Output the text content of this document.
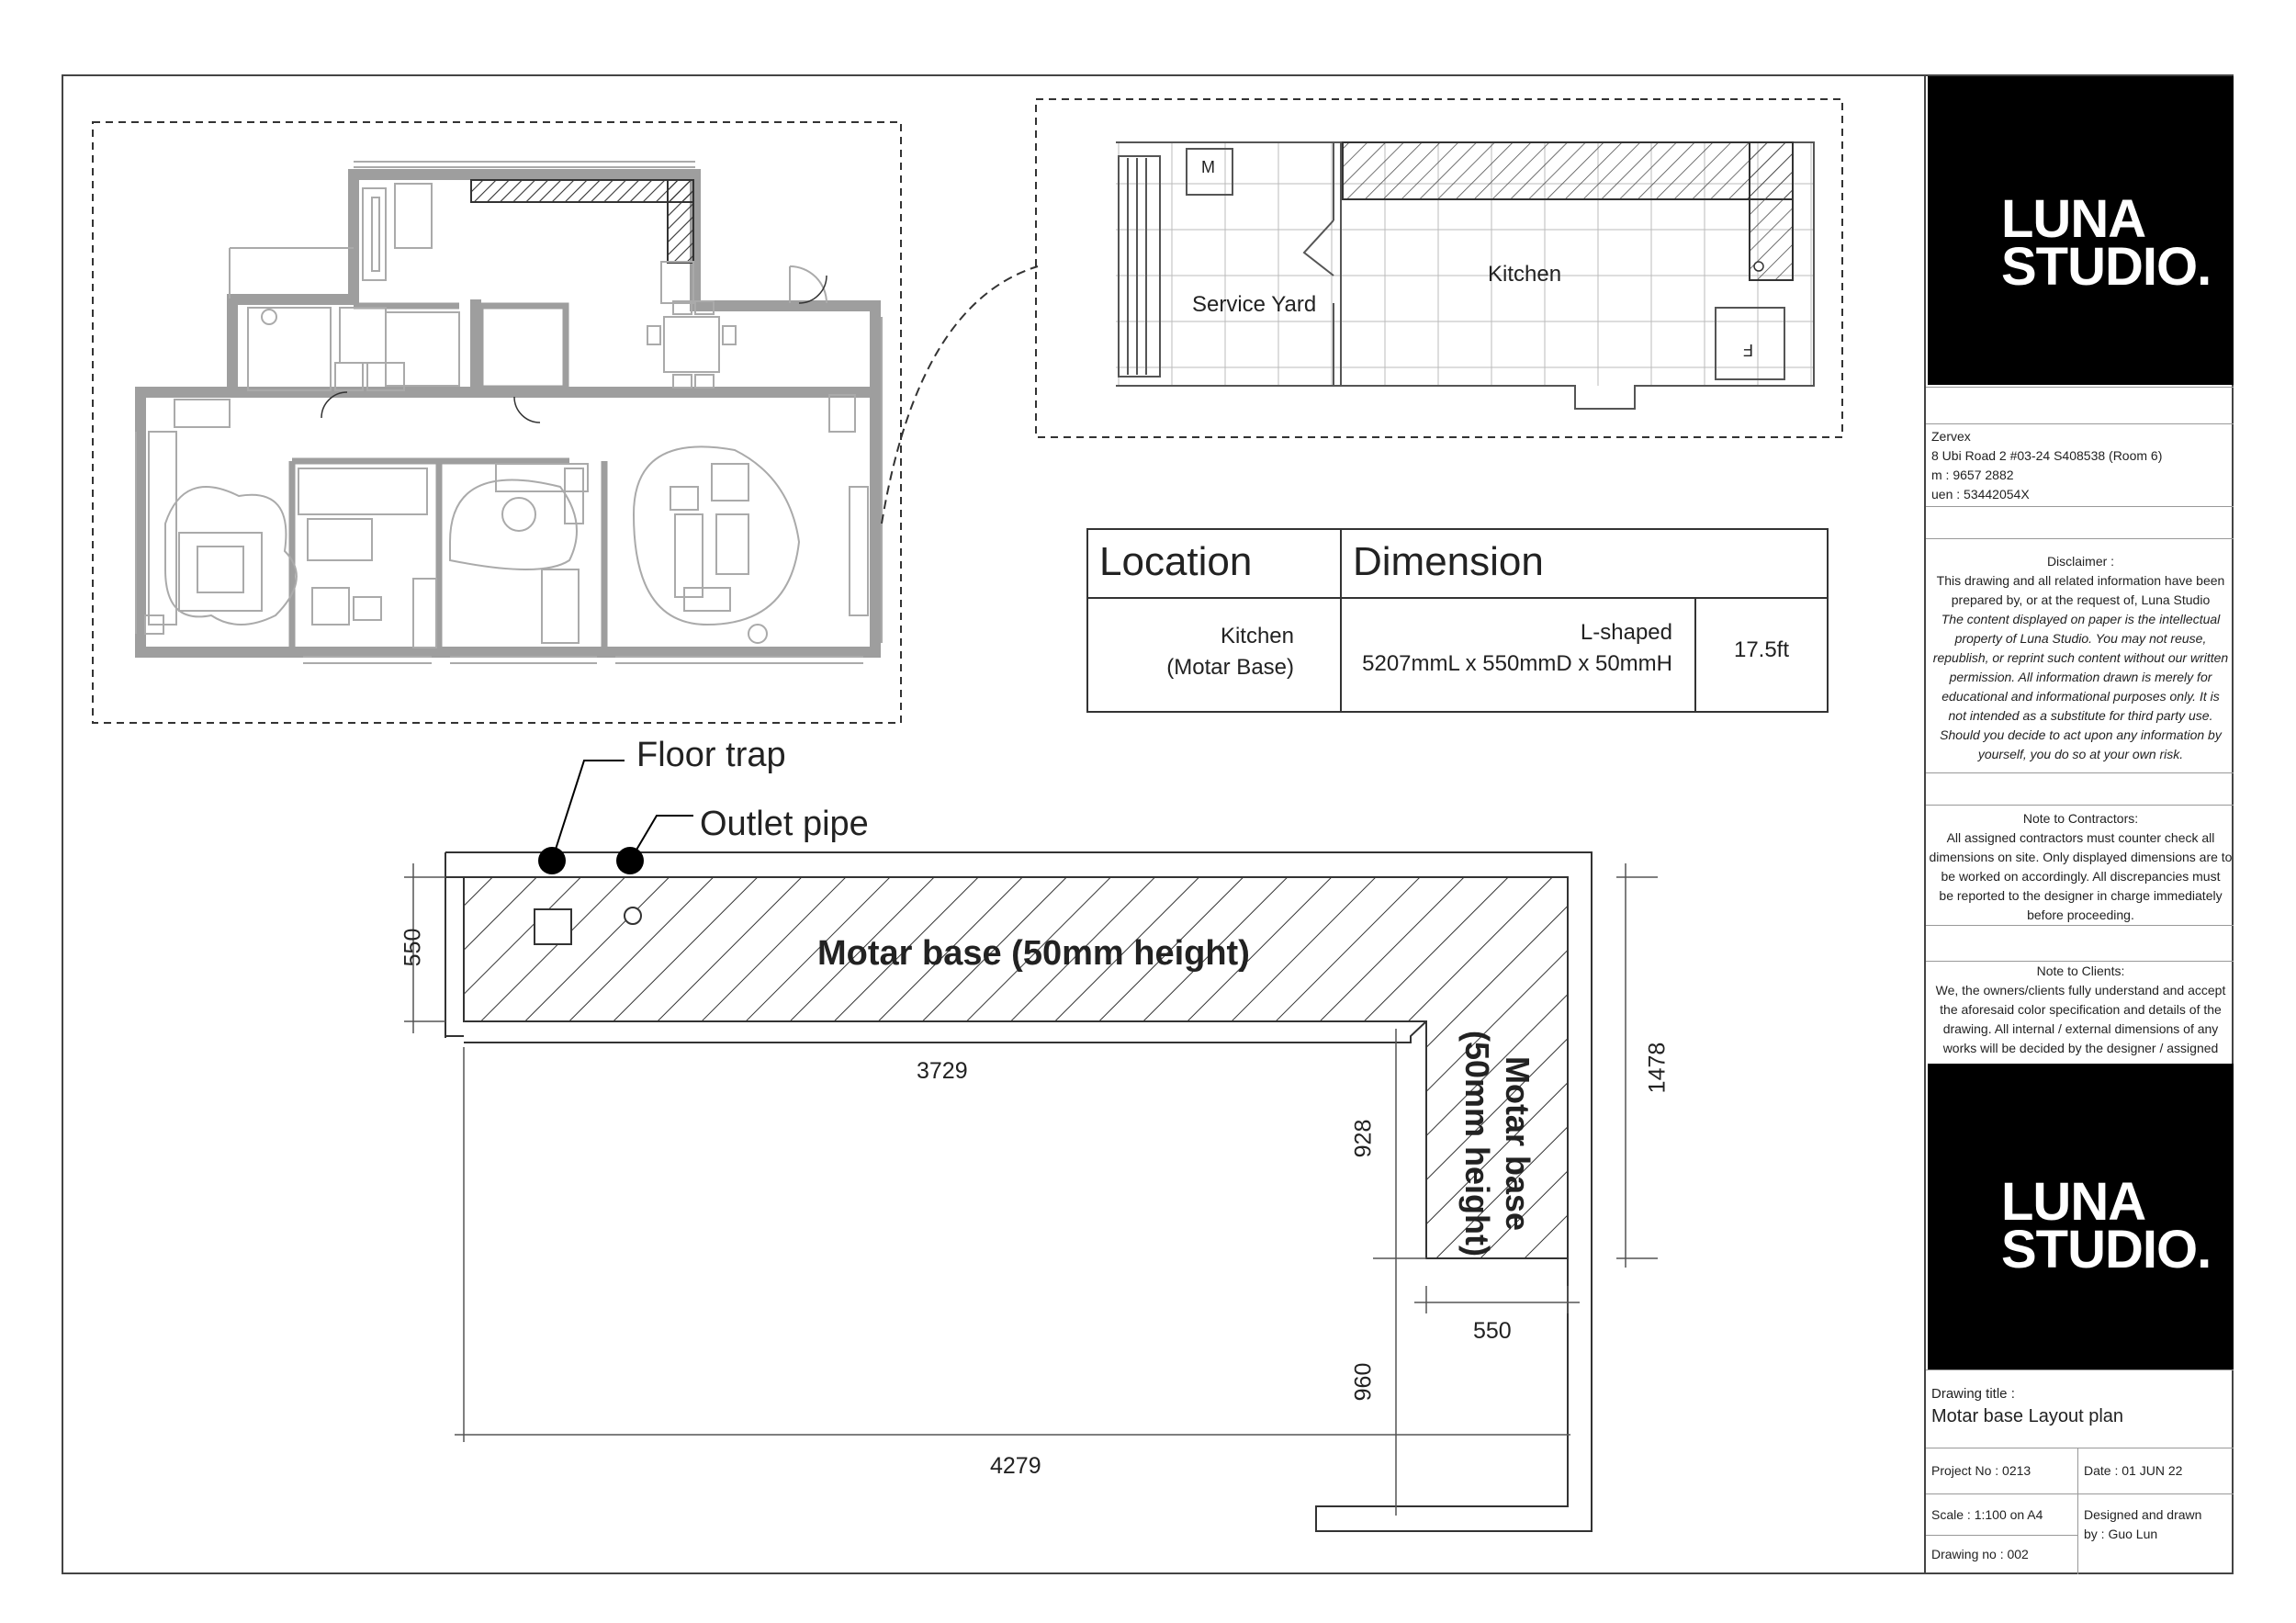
Kitchen
Service Yard
M
F
Location Dimension
Kitchen
(Motar Base)
L-shaped
5207mmL x 550mmD x 50mmH
17.5ft
Floor trap
Outlet pipe
Motar base (50mm height)
Motar base
(50mm height)
550
3729
4279
928
960
550
1478
LUNA
STUDIO.
Zervex
8 Ubi Road 2 #03-24 S408538 (Room 6)
m : 9657 2882
uen : 53442054X
Disclaimer :
This drawing and all related information have been
prepared by, or at the request of, Luna Studio
The content displayed on paper is the intellectual
property of Luna Studio. You may not reuse,
republish, or reprint such content without our written
permission. All information drawn is merely for
educational and informational purposes only. It is
not intended as a substitute for third party use.
Should you decide to act upon any information by
yourself, you do so at your own risk.
Note to Contractors:
All assigned contractors must counter check all
dimensions on site. Only displayed dimensions are to
be worked on accordingly. All discrepancies must
be reported to the designer in charge immediately
before proceeding.
Note to Clients:
We, the owners/clients fully understand and accept
the aforesaid color specification and details of the
drawing. All internal / external dimensions of any
works will be decided by the designer / assigned
LUNA
STUDIO.
Drawing title :
Motar base Layout plan
Project No : 0213	Date : 01 JUN 22
Scale : 1:100 on A4	Designed and drawn
by : Guo Lun
Drawing no : 002
